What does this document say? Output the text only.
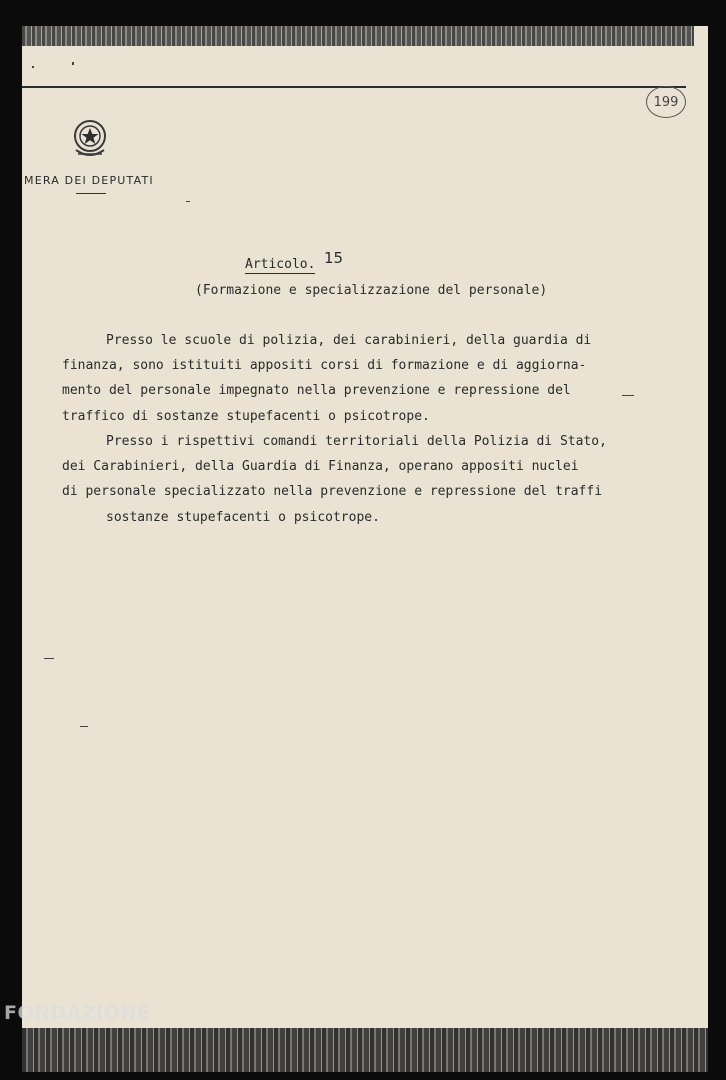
199
MERA DEI DEPUTATI
Articolo. 15
(Formazione e specializzazione del personale)
Presso le scuole di polizia, dei carabinieri, della guardia di
finanza, sono istituiti appositi corsi di formazione e di aggiorna-
mento del personale impegnato nella prevenzione e repressione del
traffico di sostanze stupefacenti o psicotrope.
Presso i rispettivi comandi territoriali della Polizia di Stato,
dei Carabinieri, della Guardia di Finanza, operano appositi nuclei
di personale specializzato nella prevenzione e repressione del traffi
sostanze stupefacenti o psicotrope.
FONDAZIONE
